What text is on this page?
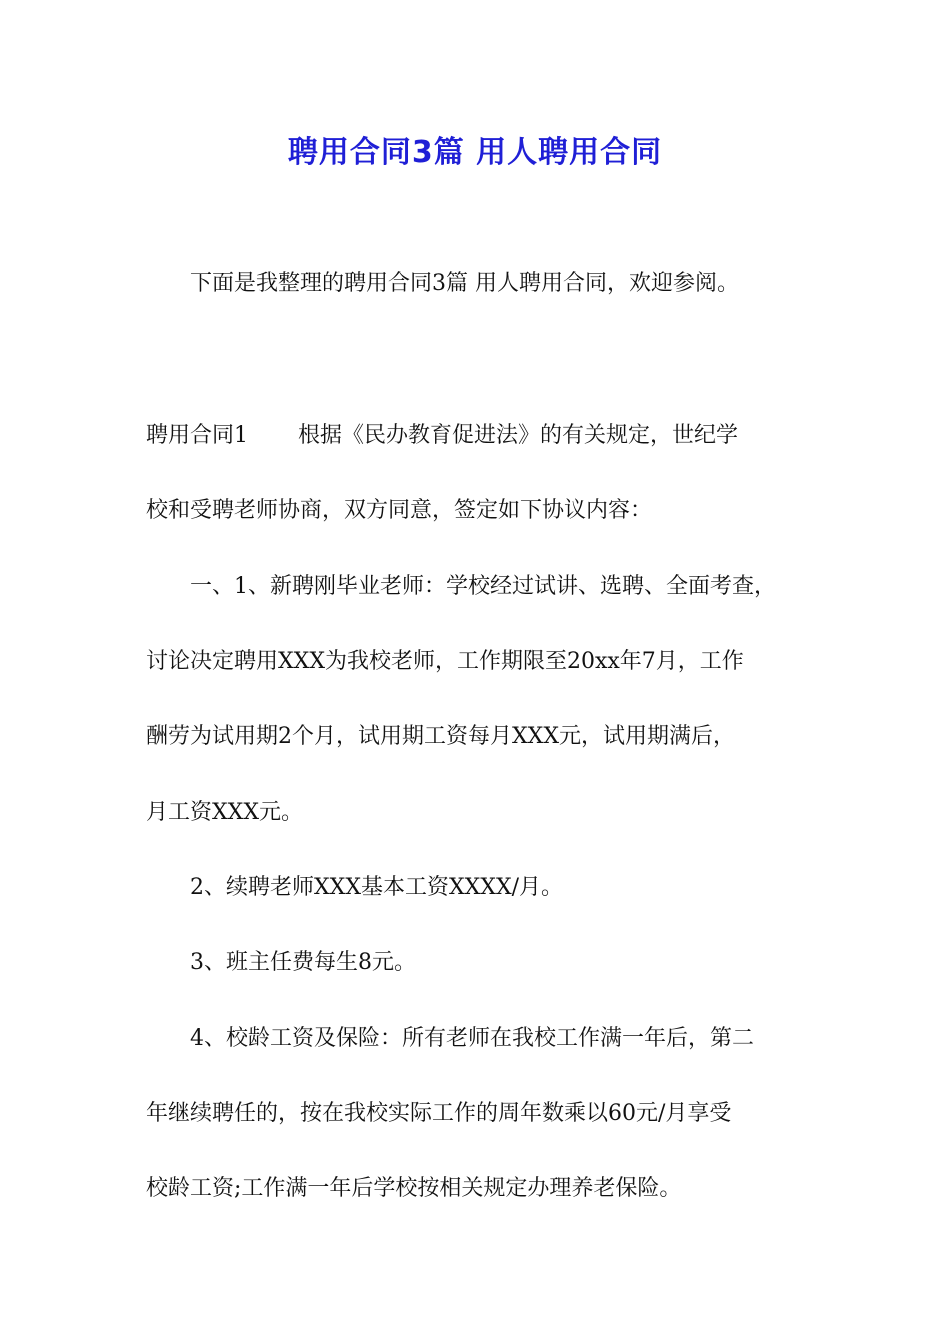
聘用合同3篇 用人聘用合同
下面是我整理的聘用合同3篇 用人聘用合同，欢迎参阅。
聘用合同1 根据《民办教育促进法》的有关规定，世纪学
校和受聘老师协商，双方同意，签定如下协议内容：
一、1、新聘刚毕业老师：学校经过试讲、选聘、全面考查，
讨论决定聘用XXX为我校老师，工作期限至20xx年7月，工作
酬劳为试用期2个月，试用期工资每月XXX元，试用期满后，
月工资XXX元。
2、续聘老师XXX基本工资XXXX/月。
3、班主任费每生8元。
4、校龄工资及保险：所有老师在我校工作满一年后，第二
年继续聘任的，按在我校实际工作的周年数乘以60元/月享受
校龄工资;工作满一年后学校按相关规定办理养老保险。
